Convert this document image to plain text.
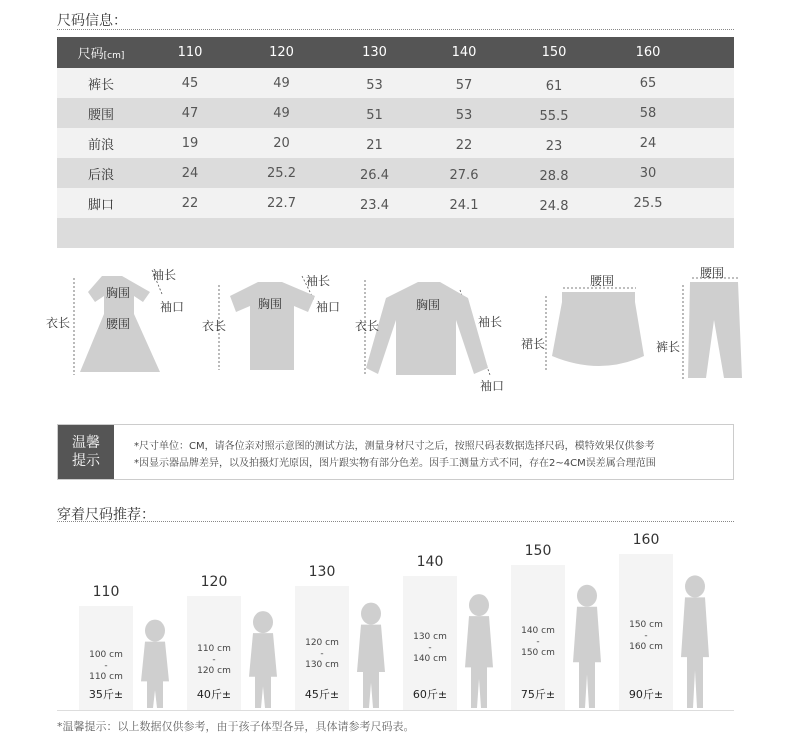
尺码信息：
尺码[cm]	110	120	130	140	150	160
裤长	45	49	53	57	61	65
腰围	47	49	51	53	55.5	58
前浪	19	20	21	22	23	24
后浪	24	25.2	26.4	27.6	28.8	30
脚口	22	22.7	23.4	24.1	24.8	25.5
袖长
袖口
胸围
腰围
衣长
袖长
袖口
胸围
衣长
胸围
袖长
袖口
衣长
腰围
裙长
腰围
裤长
温馨
提示
*尺寸单位：CM，请各位亲对照示意图的测试方法，测量身材尺寸之后，按照尺码表数据选择尺码，模特效果仅供参考
*因显示器品牌差异，以及拍摄灯光原因，图片跟实物有部分色差。因手工测量方式不同，存在2~4CM误差属合理范围
穿着尺码推荐：
100 cm
-
110 cm
35斤±
110
110 cm
-
120 cm
40斤±
120
120 cm
-
130 cm
45斤±
130
130 cm
-
140 cm
60斤±
140
140 cm
-
150 cm
75斤±
150
150 cm
-
160 cm
90斤±
160
*温馨提示：以上数据仅供参考，由于孩子体型各异，具体请参考尺码表。
